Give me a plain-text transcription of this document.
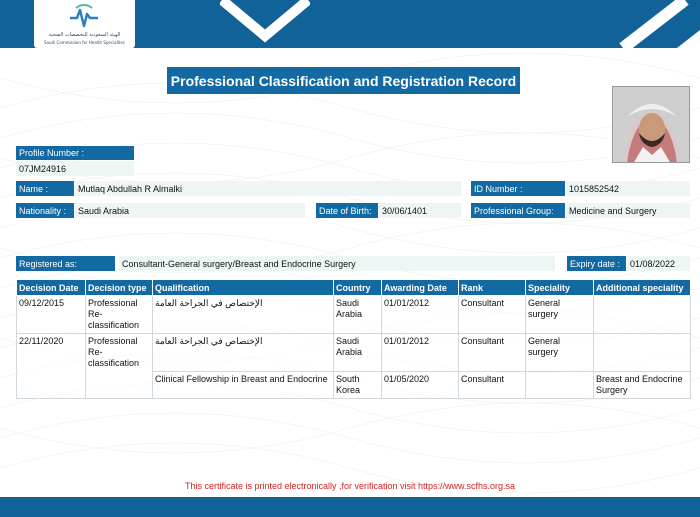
الهيئة السعودية للتخصصات الصحية
Saudi Commission for Health Specialties
Professional Classification and Registration Record
Profile Number :
07JM24916
Name :	Mutlaq Abdullah R Almalki	ID Number :	1015852542
Nationality :	Saudi Arabia	Date of Birth:	30/06/1401	Professional Group:	Medicine and Surgery
Registered as:	Consultant-General surgery/Breast and Endocrine Surgery	Expiry date :	01/08/2022
Decision Date	Decision type	Qualification	Country	Awarding Date	Rank	Speciality	Additional speciality
09/12/2015	Professional Re-classification	الإختصاص في الجراحة العامة	Saudi Arabia	01/01/2012	Consultant	General surgery	
22/11/2020	Professional Re-classification	الإختصاص في الجراحة العامة	Saudi Arabia	01/01/2012	Consultant	General surgery	
		Clinical Fellowship in Breast and Endocrine	South Korea	01/05/2020	Consultant		Breast and Endocrine Surgery
This certificate is printed electronically ,for verification visit https://www.scfhs.org.sa
